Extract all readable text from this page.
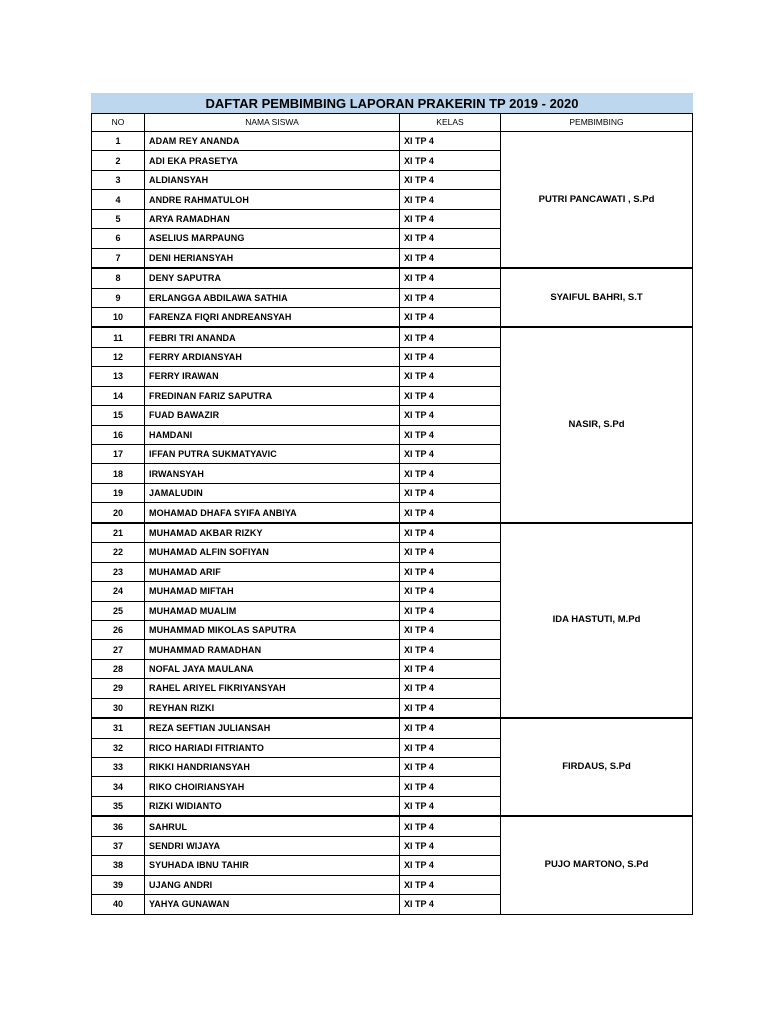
DAFTAR PEMBIMBING LAPORAN PRAKERIN TP 2019 - 2020			
NO	NAMA SISWA	KELAS	PEMBIMBING
1	ADAM REY ANANDA	XI TP 4	PUTRI PANCAWATI , S.Pd
2	ADI EKA PRASETYA	XI TP 4	
3	ALDIANSYAH	XI TP 4	
4	ANDRE RAHMATULOH	XI TP 4	
5	ARYA RAMADHAN	XI TP 4	
6	ASELIUS MARPAUNG	XI TP 4	
7	DENI HERIANSYAH	XI TP 4	
8	DENY SAPUTRA	XI TP 4	SYAIFUL BAHRI, S.T
9	ERLANGGA ABDILAWA SATHIA	XI TP 4	
10	FARENZA FIQRI ANDREANSYAH	XI TP 4	
11	FEBRI TRI ANANDA	XI TP 4	NASIR, S.Pd
12	FERRY ARDIANSYAH	XI TP 4	
13	FERRY IRAWAN	XI TP 4	
14	FREDINAN FARIZ SAPUTRA	XI TP 4	
15	FUAD BAWAZIR	XI TP 4	
16	HAMDANI	XI TP 4	
17	IFFAN PUTRA SUKMATYAVIC	XI TP 4	
18	IRWANSYAH	XI TP 4	
19	JAMALUDIN	XI TP 4	
20	MOHAMAD DHAFA SYIFA ANBIYA	XI TP 4	
21	MUHAMAD AKBAR RIZKY	XI TP 4	IDA HASTUTI, M.Pd
22	MUHAMAD ALFIN SOFIYAN	XI TP 4	
23	MUHAMAD ARIF	XI TP 4	
24	MUHAMAD MIFTAH	XI TP 4	
25	MUHAMAD MUALIM	XI TP 4	
26	MUHAMMAD MIKOLAS SAPUTRA	XI TP 4	
27	MUHAMMAD RAMADHAN	XI TP 4	
28	NOFAL JAYA MAULANA	XI TP 4	
29	RAHEL ARIYEL FIKRIYANSYAH	XI TP 4	
30	REYHAN RIZKI	XI TP 4	
31	REZA SEFTIAN JULIANSAH	XI TP 4	FIRDAUS, S.Pd
32	RICO HARIADI FITRIANTO	XI TP 4	
33	RIKKI HANDRIANSYAH	XI TP 4	
34	RIKO CHOIRIANSYAH	XI TP 4	
35	RIZKI WIDIANTO	XI TP 4	
36	SAHRUL	XI TP 4	PUJO MARTONO, S.Pd
37	SENDRI WIJAYA	XI TP 4	
38	SYUHADA IBNU TAHIR	XI TP 4	
39	UJANG ANDRI	XI TP 4	
40	YAHYA GUNAWAN	XI TP 4	
